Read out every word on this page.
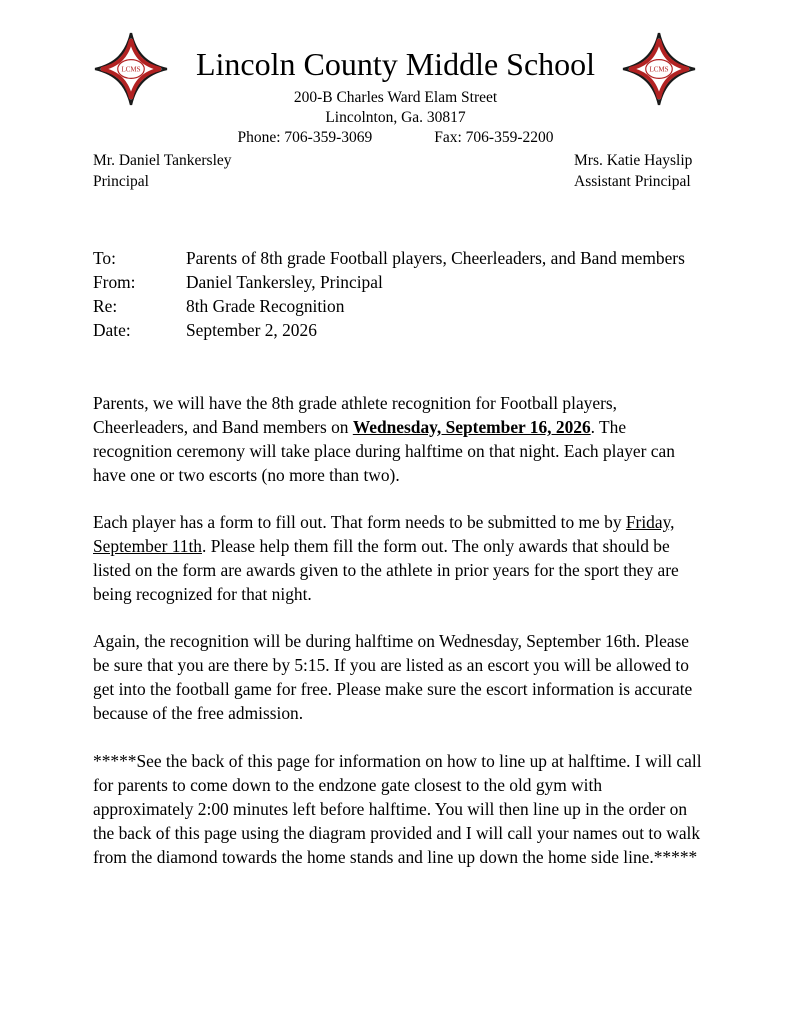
LCMS	LCMS
Lincoln County Middle School
200-B Charles Ward Elam Street
Lincolnton, Ga. 30817
Phone: 706-359-3069	Fax: 706-359-2200
Mr. Daniel Tankersley
Principal
Mrs. Katie Hayslip
Assistant Principal
To:	Parents of 8th grade Football players, Cheerleaders, and Band members
From:	Daniel Tankersley, Principal
Re:	8th Grade Recognition
Date:	September 2, 2026
Parents, we will have the 8th grade athlete recognition for Football players, Cheerleaders, and Band members on Wednesday, September 16, 2026. The recognition ceremony will take place during halftime on that night. Each player can have one or two escorts (no more than two).
Each player has a form to fill out. That form needs to be submitted to me by Friday, September 11th. Please help them fill the form out. The only awards that should be listed on the form are awards given to the athlete in prior years for the sport they are being recognized for that night.
Again, the recognition will be during halftime on Wednesday, September 16th. Please be sure that you are there by 5:15. If you are listed as an escort you will be allowed to get into the football game for free. Please make sure the escort information is accurate because of the free admission.
*****See the back of this page for information on how to line up at halftime. I will call for parents to come down to the endzone gate closest to the old gym with approximately 2:00 minutes left before halftime. You will then line up in the order on the back of this page using the diagram provided and I will call your names out to walk from the diamond towards the home stands and line up down the home side line.*****
